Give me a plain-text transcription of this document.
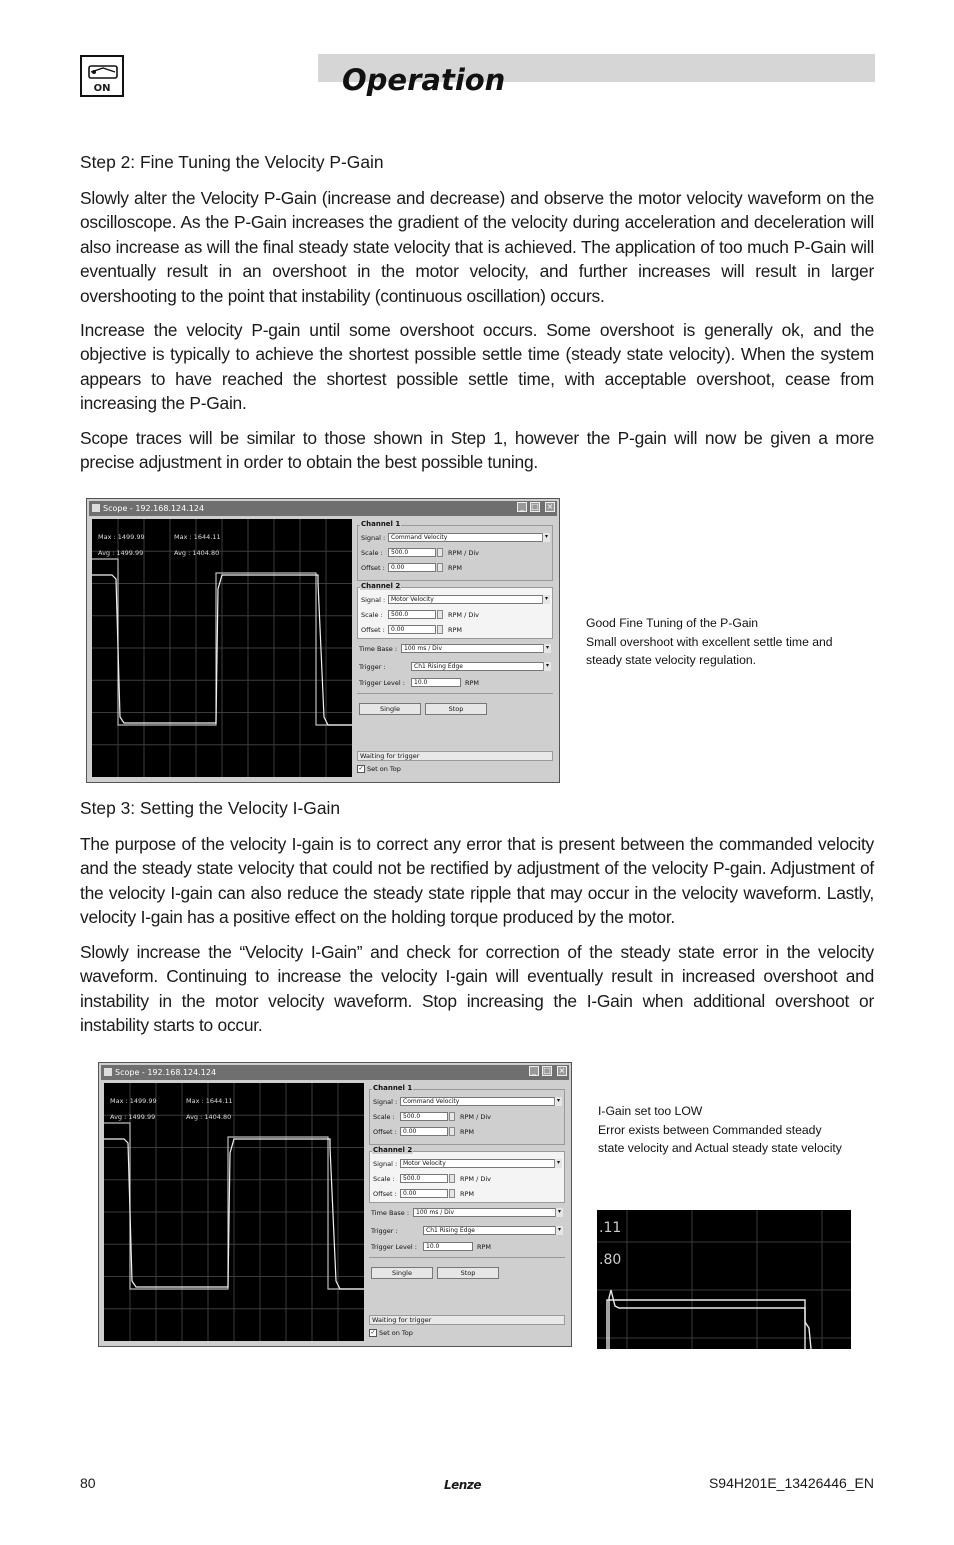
Operation
ON
Step 2: Fine Tuning the Velocity P-Gain

Slowly alter the Velocity P-Gain (increase and decrease) and observe the motor velocity waveform on the oscilloscope. As the P-Gain increases the gradient of the velocity during acceleration and deceleration will also increase as will the final steady state velocity that is achieved. The application of too much P-Gain will eventually result in an overshoot in the motor velocity, and further increases will result in larger overshooting to the point that instability (continuous oscillation) occurs.

Increase the velocity P-gain until some overshoot occurs. Some overshoot is generally ok, and the objective is typically to achieve the shortest possible settle time (steady state velocity). When the system appears to have reached the shortest possible settle time, with acceptable overshoot, cease from increasing the P-Gain.

Scope traces will be similar to those shown in Step 1, however the P-gain will now be given a more precise adjustment in order to obtain the best possible tuning.

Scope - 192.168.124.124	_ □ ×
Max : 1499.99
Avg : 1499.99
Max : 1644.11
Avg : 1404.80
Channel 1
Signal : Command Velocity	▾
Scale :	500.0	RPM / Div
Offset :	0.00	RPM
Channel 2
Signal : Motor Velocity	▾
Scale :	500.0	RPM / Div
Offset :	0.00	RPM
Time Base :	100 ms / Div	▾
Trigger :	Ch1 Rising Edge	▾
Trigger Level :	10.0	RPM
Single	Stop
Waiting for trigger
✓ Set on Top
Good Fine Tuning of the P-Gain
Small overshoot with excellent settle time and
steady state velocity regulation.
Step 3: Setting the Velocity I-Gain

The purpose of the velocity I-gain is to correct any error that is present between the commanded velocity and the steady state velocity that could not be rectified by adjustment of the velocity P-gain. Adjustment of the velocity I-gain can also reduce the steady state ripple that may occur in the velocity waveform. Lastly, velocity I-gain has a positive effect on the holding torque produced by the motor.

Slowly increase the “Velocity I-Gain” and check for correction of the steady state error in the velocity waveform. Continuing to increase the velocity I-gain will eventually result in increased overshoot and instability in the motor velocity waveform. Stop increasing the I-Gain when additional overshoot or instability starts to occur.

Scope - 192.168.124.124	_ □ ×
Max : 1499.99
Avg : 1499.99
Max : 1644.11
Avg : 1404.80
Channel 1
Signal : Command Velocity	▾
Scale :	500.0	RPM / Div
Offset :	0.00	RPM
Channel 2
Signal : Motor Velocity	▾
Scale :	500.0	RPM / Div
Offset :	0.00	RPM
Time Base :	100 ms / Div	▾
Trigger :	Ch1 Rising Edge	▾
Trigger Level :	10.0	RPM
Single	Stop
Waiting for trigger
✓ Set on Top
I-Gain set too LOW
Error exists between Commanded steady
state velocity and Actual steady state velocity
.11
.80
80	Lenze	S94H201E_13426446_EN
